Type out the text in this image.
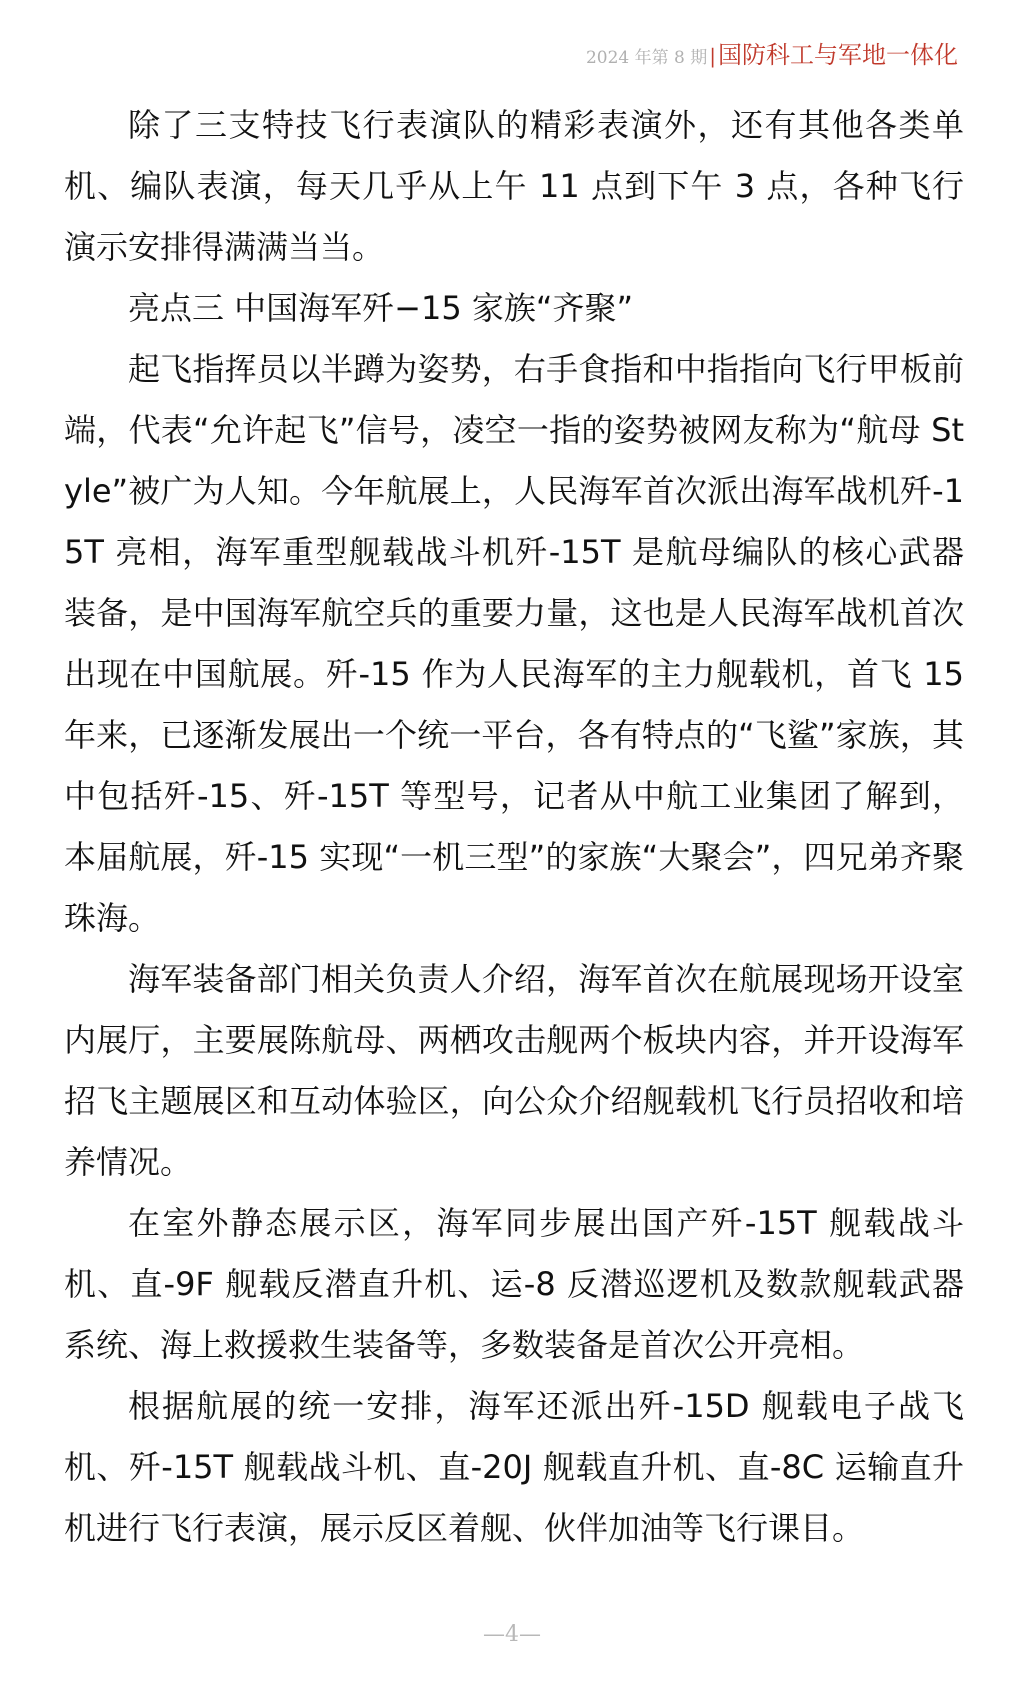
2024 年第 8 期 |国防科工与军地一体化

除了三支特技飞行表演队的精彩表演外，还有其他各类单机、编队表演，每天几乎从上午 11 点到下午 3 点，各种飞行演示安排得满满当当。

亮点三 中国海军歼−15 家族“齐聚”

起飞指挥员以半蹲为姿势，右手食指和中指指向飞行甲板前端，代表“允许起飞”信号，凌空一指的姿势被网友称为“航母 Style”被广为人知。今年航展上，人民海军首次派出海军战机歼-15T 亮相，海军重型舰载战斗机歼-15T 是航母编队的核心武器装备，是中国海军航空兵的重要力量，这也是人民海军战机首次出现在中国航展。歼-15 作为人民海军的主力舰载机，首飞 15 年来，已逐渐发展出一个统一平台，各有特点的“飞鲨”家族，其中包括歼-15、歼-15T 等型号，记者从中航工业集团了解到，本届航展，歼-15 实现“一机三型”的家族“大聚会”，四兄弟齐聚珠海。

海军装备部门相关负责人介绍，海军首次在航展现场开设室内展厅，主要展陈航母、两栖攻击舰两个板块内容，并开设海军招飞主题展区和互动体验区，向公众介绍舰载机飞行员招收和培养情况。

在室外静态展示区，海军同步展出国产歼-15T 舰载战斗机、直-9F 舰载反潜直升机、运-8 反潜巡逻机及数款舰载武器系统、海上救援救生装备等，多数装备是首次公开亮相。

根据航展的统一安排，海军还派出歼-15D 舰载电子战飞机、歼-15T 舰载战斗机、直-20J 舰载直升机、直-8C 运输直升机进行飞行表演，展示反区着舰、伙伴加油等飞行课目。

—4—
